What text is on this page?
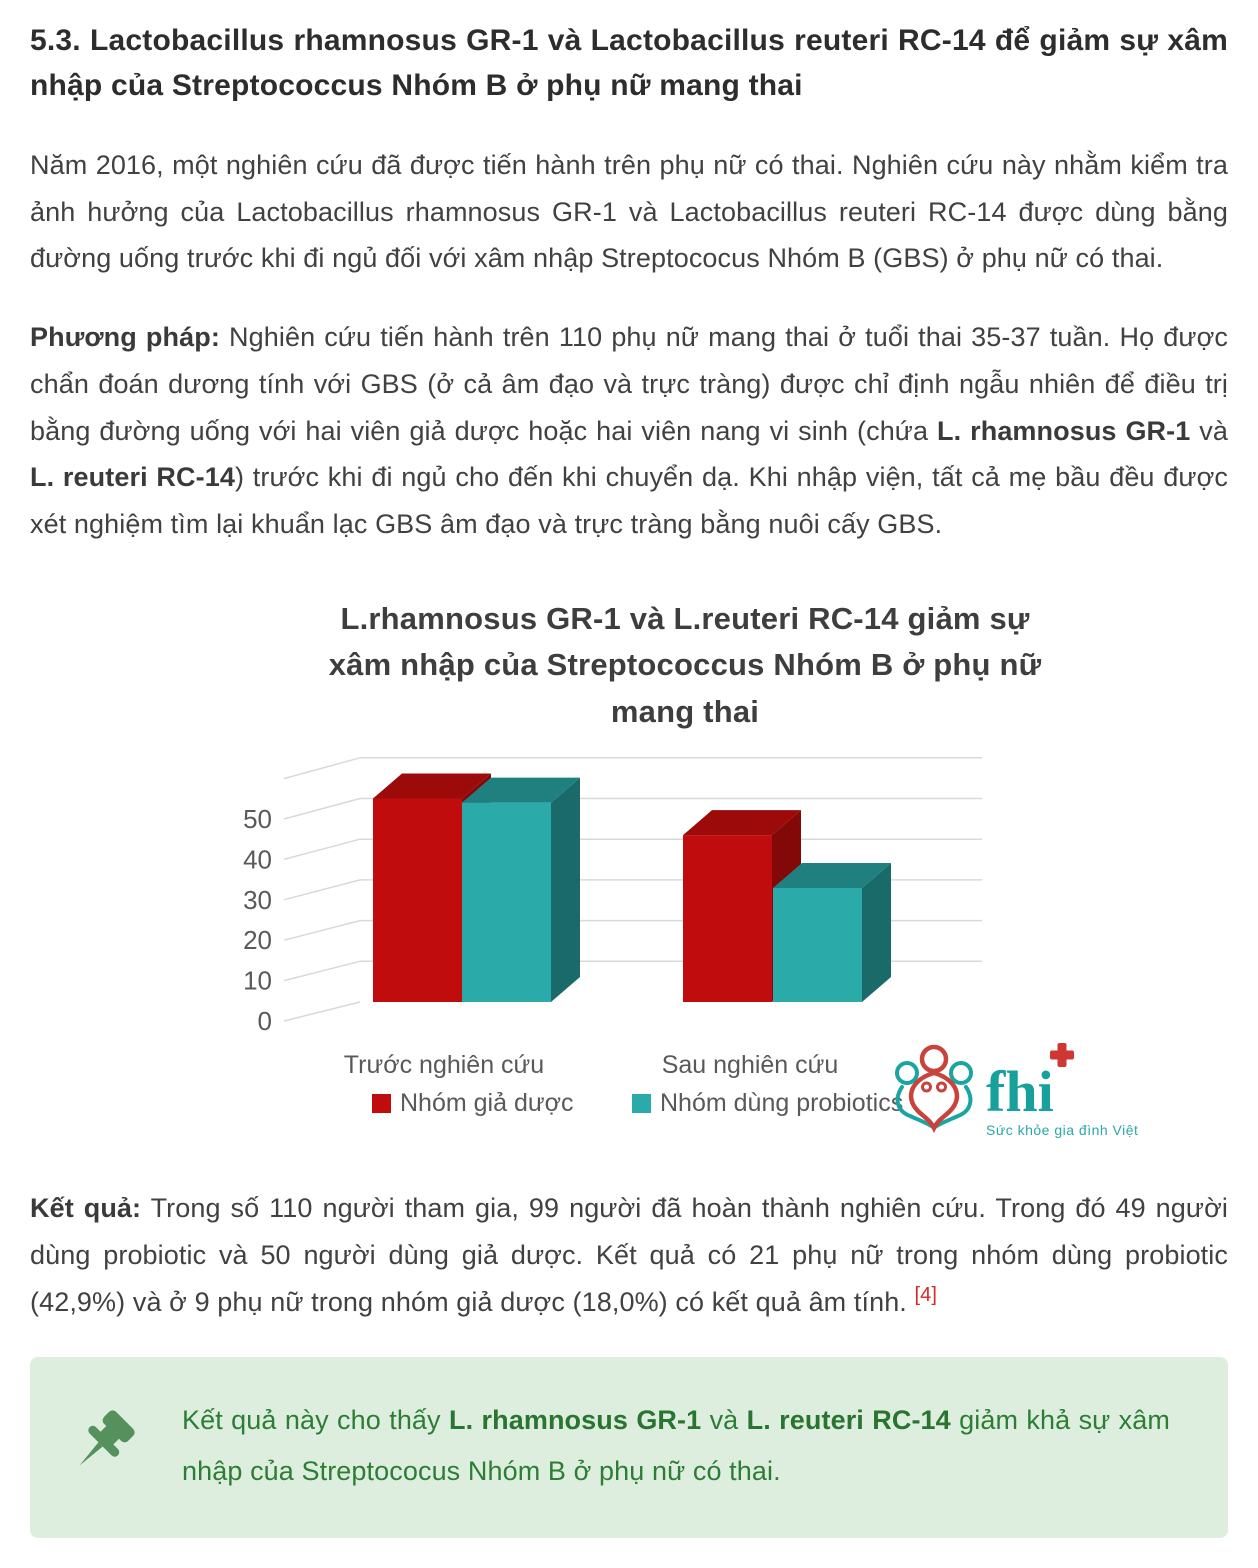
5.3. Lactobacillus rhamnosus GR-1 và Lactobacillus reuteri RC-14 để giảm sự xâm nhập của Streptococcus Nhóm B ở phụ nữ mang thai

Năm 2016, một nghiên cứu đã được tiến hành trên phụ nữ có thai. Nghiên cứu này nhằm kiểm tra ảnh hưởng của Lactobacillus rhamnosus GR-1 và Lactobacillus reuteri RC-14 được dùng bằng đường uống trước khi đi ngủ đối với xâm nhập Streptococus Nhóm B (GBS) ở phụ nữ có thai.

Phương pháp: Nghiên cứu tiến hành trên 110 phụ nữ mang thai ở tuổi thai 35-37 tuần. Họ được chẩn đoán dương tính với GBS (ở cả âm đạo và trực tràng) được chỉ định ngẫu nhiên để điều trị bằng đường uống với hai viên giả dược hoặc hai viên nang vi sinh (chứa L. rhamnosus GR-1 và L. reuteri RC-14) trước khi đi ngủ cho đến khi chuyển dạ. Khi nhập viện, tất cả mẹ bầu đều được xét nghiệm tìm lại khuẩn lạc GBS âm đạo và trực tràng bằng nuôi cấy GBS.

L.rhamnosus GR-1 và L.reuteri RC-14 giảm sự xâm nhập của Streptococcus Nhóm B ở phụ nữ mang thai
0
10
20
30
40
50
Trước nghiên cứu	Sau nghiên cứu
Nhóm giả dược	Nhóm dùng probiotics fhi
Sức khỏe gia đình Việt

Kết quả: Trong số 110 người tham gia, 99 người đã hoàn thành nghiên cứu. Trong đó 49 người dùng probiotic và 50 người dùng giả dược. Kết quả có 21 phụ nữ trong nhóm dùng probiotic (42,9%) và ở 9 phụ nữ trong nhóm giả dược (18,0%) có kết quả âm tính. [4]

Kết quả này cho thấy L. rhamnosus GR-1 và L. reuteri RC-14 giảm khả sự xâm nhập của Streptococus Nhóm B ở phụ nữ có thai.
